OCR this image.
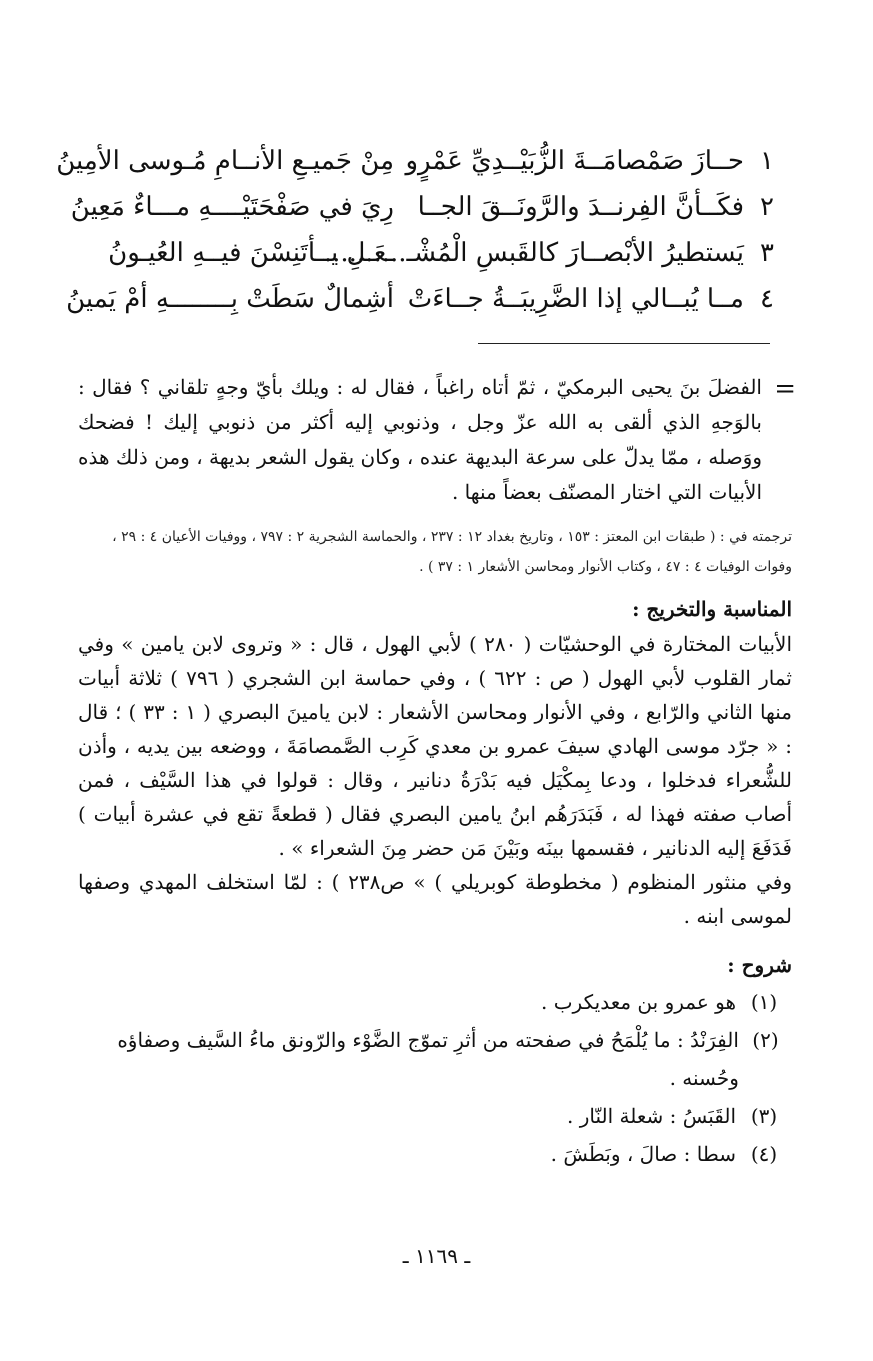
١
حــازَ صَمْصامَــةَ الزُّبَيْــدِيِّ عَمْرٍو
مِنْ جَميـعِ الأنــامِ مُـوسى الأمِينُ
٢
فكَــأنَّ الفِرنــدَ والرَّونَــقَ الجــا
رِيَ في صَفْحَتَيْــــهِ مـــاءٌ مَعِينُ
٣
يَستطيرُ الأبْصــارَ كالقَبسِ الْمُشْـ..........
ـعَـلِ يــأتَنِسْنَ فيــهِ العُيـونُ
٤
مــا يُبــالي إذا الضَّرِيبَــةُ جــاءَتْ
أشِمالٌ سَطَتْ بِــــــــهِ أمْ يَمينُ
=
الفضلَ بنَ يحيى البرمكيّ ، ثمّ أتاه راغباً ، فقال له : ويلك بأيّ وجهٍ تلقاني ؟ فقال : بالوَجهِ الذي ألقى به الله عزّ وجل ، وذنوبي إليه أكثر من ذنوبي إليك ! فضحك ووَصله ، ممّا يدلّ على سرعة البديهة عنده ، وكان يقول الشعر بديهة ، ومن ذلك هذه الأبيات التي اختار المصنّف بعضاً منها .
ترجمته في : ( طبقات ابن المعتز : ١٥٣ ، وتاريخ بغداد ١٢ : ٢٣٧ ، والحماسة الشجرية ٢ : ٧٩٧ ، ووفيات الأعيان ٤ : ٢٩ ، وفوات الوفيات ٤ : ٤٧ ، وكتاب الأنوار ومحاسن الأشعار ١ : ٣٧ ) .
المناسبة والتخريج :

الأبيات المختارة في الوحشيّات ( ٢٨٠ ) لأبي الهول ، قال : « وتروى لابن يامين » وفي ثمار القلوب لأبي الهول ( ص : ٦٢٢ ) ، وفي حماسة ابن الشجري ( ٧٩٦ ) ثلاثة أبيات منها الثاني والرّابع ، وفي الأنوار ومحاسن الأشعار : لابن يامينَ البصري ( ١ : ٣٣ ) ؛ قال : « جرّد موسى الهادي سيفَ عمرو بن معدي كَرِب الصَّمصامَةَ ، ووضعه بين يديه ، وأذن للشُّعراء فدخلوا ، ودعا بِمكْيَل فيه بَدْرَةُ دنانير ، وقال : قولوا في هذا السَّيْف ، فمن أصاب صفته فهذا له ، فَبَدَرَهُم ابنُ يامين البصري فقال ( قطعةً تقع في عشرة أبيات ) فَدَفَعَ إليه الدنانير ، فقسمها بينَه وبَيْنَ مَن حضر مِنَ الشعراء » .

وفي منثور المنظوم ( مخطوطة كوبريلي ) » ص٢٣٨ ) : لمّا استخلف المهدي وصفها لموسى ابنه .

شروح :
(١)
هو عمرو بن معديكرب .
(٢)
الفِرَنْدُ : ما يُلْمَحُ في صفحته من أثرِ تموّج الضَّوْء والرّونق ماءُ السَّيف وصفاؤه وحُسنه .
(٣)
القَبَسُ : شعلة النّار .
(٤)
سطا : صالَ ، وبَطَشَ .
ـ ١١٦٩ ـ
